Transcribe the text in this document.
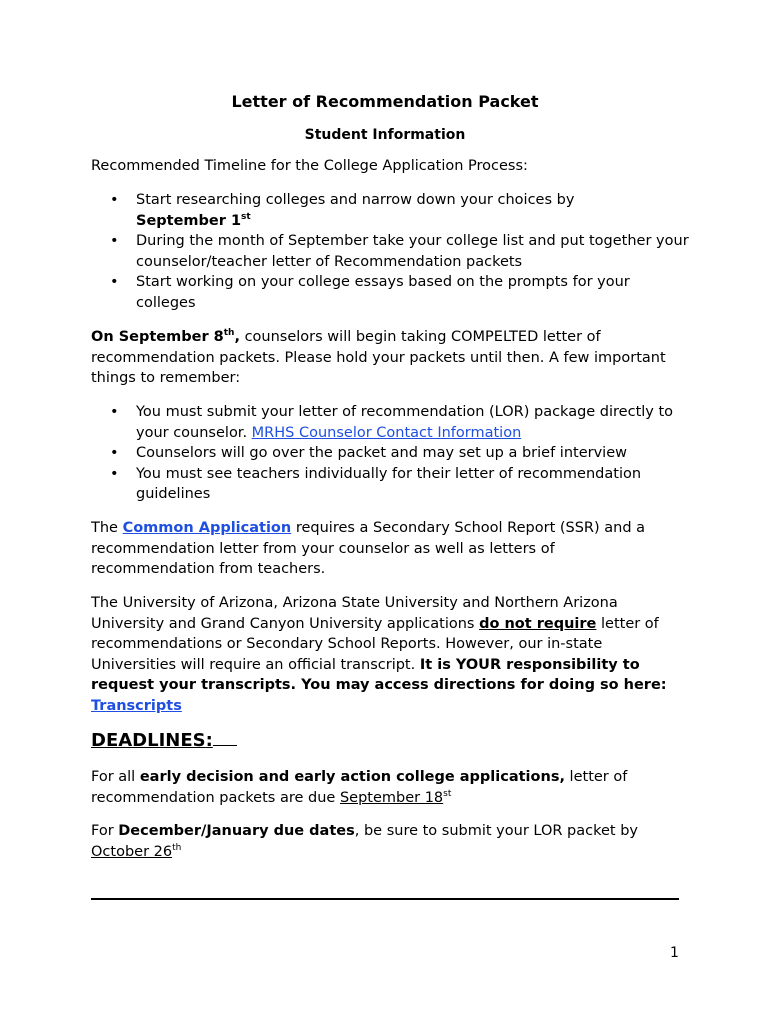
Letter of Recommendation Packet
Student Information
Recommended Timeline for the College Application Process:
• Start researching colleges and narrow down your choices by
September 1st
• During the month of September take your college list and put together your counselor/teacher letter of Recommendation packets
• Start working on your college essays based on the prompts for your colleges
On September 8th, counselors will begin taking COMPELTED letter of recommendation packets. Please hold your packets until then. A few important things to remember:
• You must submit your letter of recommendation (LOR) package directly to your counselor. MRHS Counselor Contact Information
• Counselors will go over the packet and may set up a brief interview
• You must see teachers individually for their letter of recommendation guidelines
The Common Application requires a Secondary School Report (SSR) and a recommendation letter from your counselor as well as letters of recommendation from teachers.
The University of Arizona, Arizona State University and Northern Arizona University and Grand Canyon University applications do not require letter of recommendations or Secondary School Reports. However, our in-state Universities will require an official transcript. It is YOUR responsibility to request your transcripts. You may access directions for doing so here: Transcripts
DEADLINES:
For all early decision and early action college applications, letter of recommendation packets are due September 18st
For December/January due dates, be sure to submit your LOR packet by October 26th
1
